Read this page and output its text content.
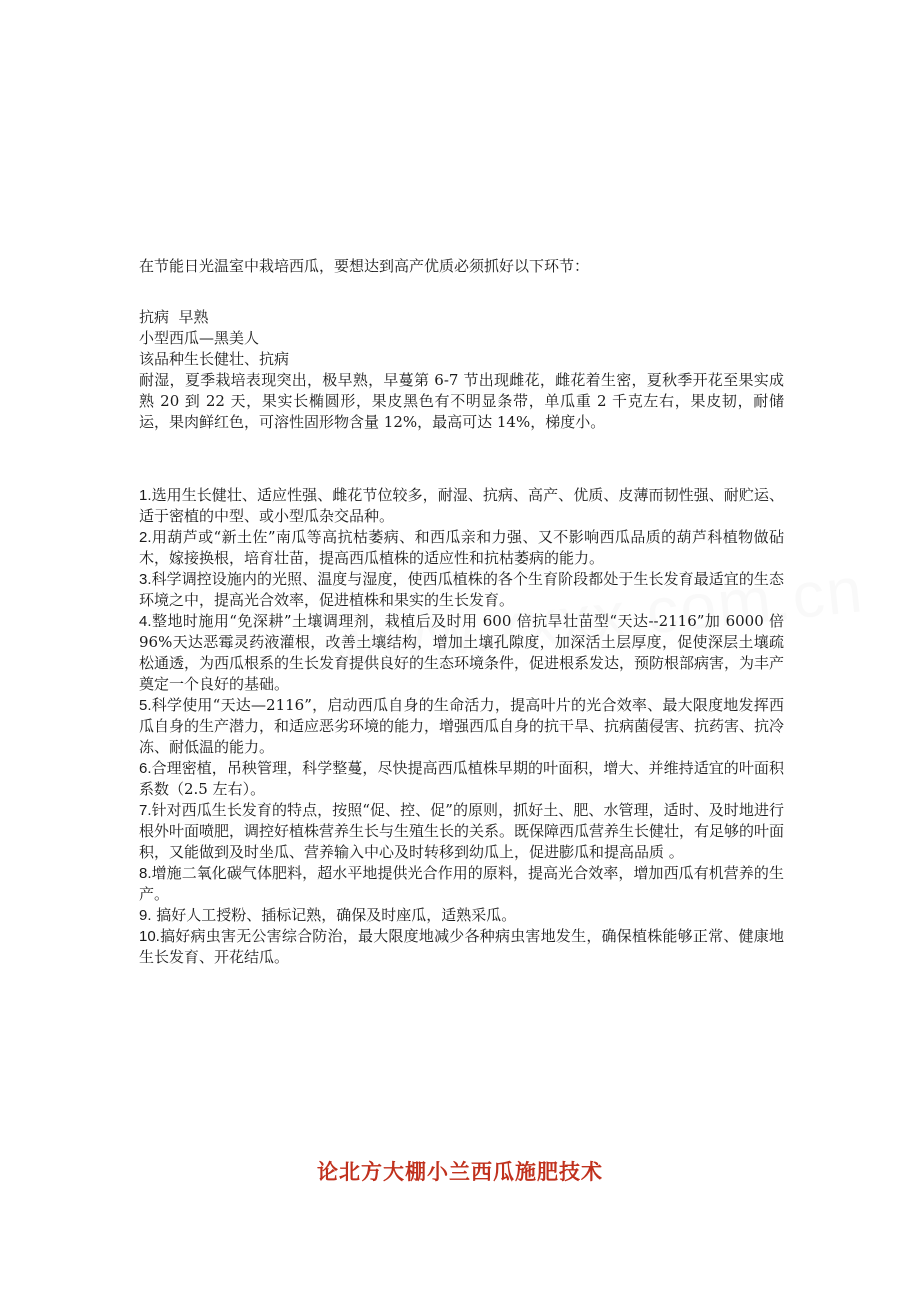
在节能日光温室中栽培西瓜，要想达到高产优质必须抓好以下环节：

抗病  早熟

小型西瓜—黑美人

该品种生长健壮、抗病

耐湿，夏季栽培表现突出，极早熟，早蔓第 6-7 节出现雌花，雌花着生密，夏秋季开花至果实成熟 20 到 22 天，果实长椭圆形，果皮黑色有不明显条带，单瓜重 2 千克左右，果皮韧，耐储运，果肉鲜红色，可溶性固形物含量 12%，最高可达 14%，梯度小。

1.选用生长健壮、适应性强、雌花节位较多，耐湿、抗病、高产、优质、皮薄而韧性强、耐贮运、适于密植的中型、或小型瓜杂交品种。
2.用葫芦或“新土佐”南瓜等高抗枯萎病、和西瓜亲和力强、又不影响西瓜品质的葫芦科植物做砧木，嫁接换根，培育壮苗，提高西瓜植株的适应性和抗枯萎病的能力。
3.科学调控设施内的光照、温度与湿度，使西瓜植株的各个生育阶段都处于生长发育最适宜的生态环境之中，提高光合效率，促进植株和果实的生长发育。
4.整地时施用“免深耕”土壤调理剂，栽植后及时用 600 倍抗旱壮苗型“天达--2116”加 6000 倍 96%天达恶霉灵药液灌根，改善土壤结构，增加土壤孔隙度，加深活土层厚度，促使深层土壤疏松通透，为西瓜根系的生长发育提供良好的生态环境条件，促进根系发达，预防根部病害，为丰产奠定一个良好的基础。
5.科学使用“天达—2116”，启动西瓜自身的生命活力，提高叶片的光合效率、最大限度地发挥西瓜自身的生产潜力，和适应恶劣环境的能力，增强西瓜自身的抗干旱、抗病菌侵害、抗药害、抗冷冻、耐低温的能力。
6.合理密植，吊秧管理，科学整蔓，尽快提高西瓜植株早期的叶面积，增大、并维持适宜的叶面积系数（2.5 左右）。
7.针对西瓜生长发育的特点，按照“促、控、促”的原则，抓好土、肥、水管理，适时、及时地进行根外叶面喷肥，调控好植株营养生长与生殖生长的关系。既保障西瓜营养生长健壮，有足够的叶面积，又能做到及时坐瓜、营养输入中心及时转移到幼瓜上，促进膨瓜和提高品质 。
8.增施二氧化碳气体肥料，超水平地提供光合作用的原料，提高光合效率，增加西瓜有机营养的生产。
9. 搞好人工授粉、插标记熟，确保及时座瓜，适熟采瓜。
10.搞好病虫害无公害综合防治，最大限度地减少各种病虫害地发生，确保植株能够正常、健康地生长发育、开花结瓜。
论北方大棚小兰西瓜施肥技术
